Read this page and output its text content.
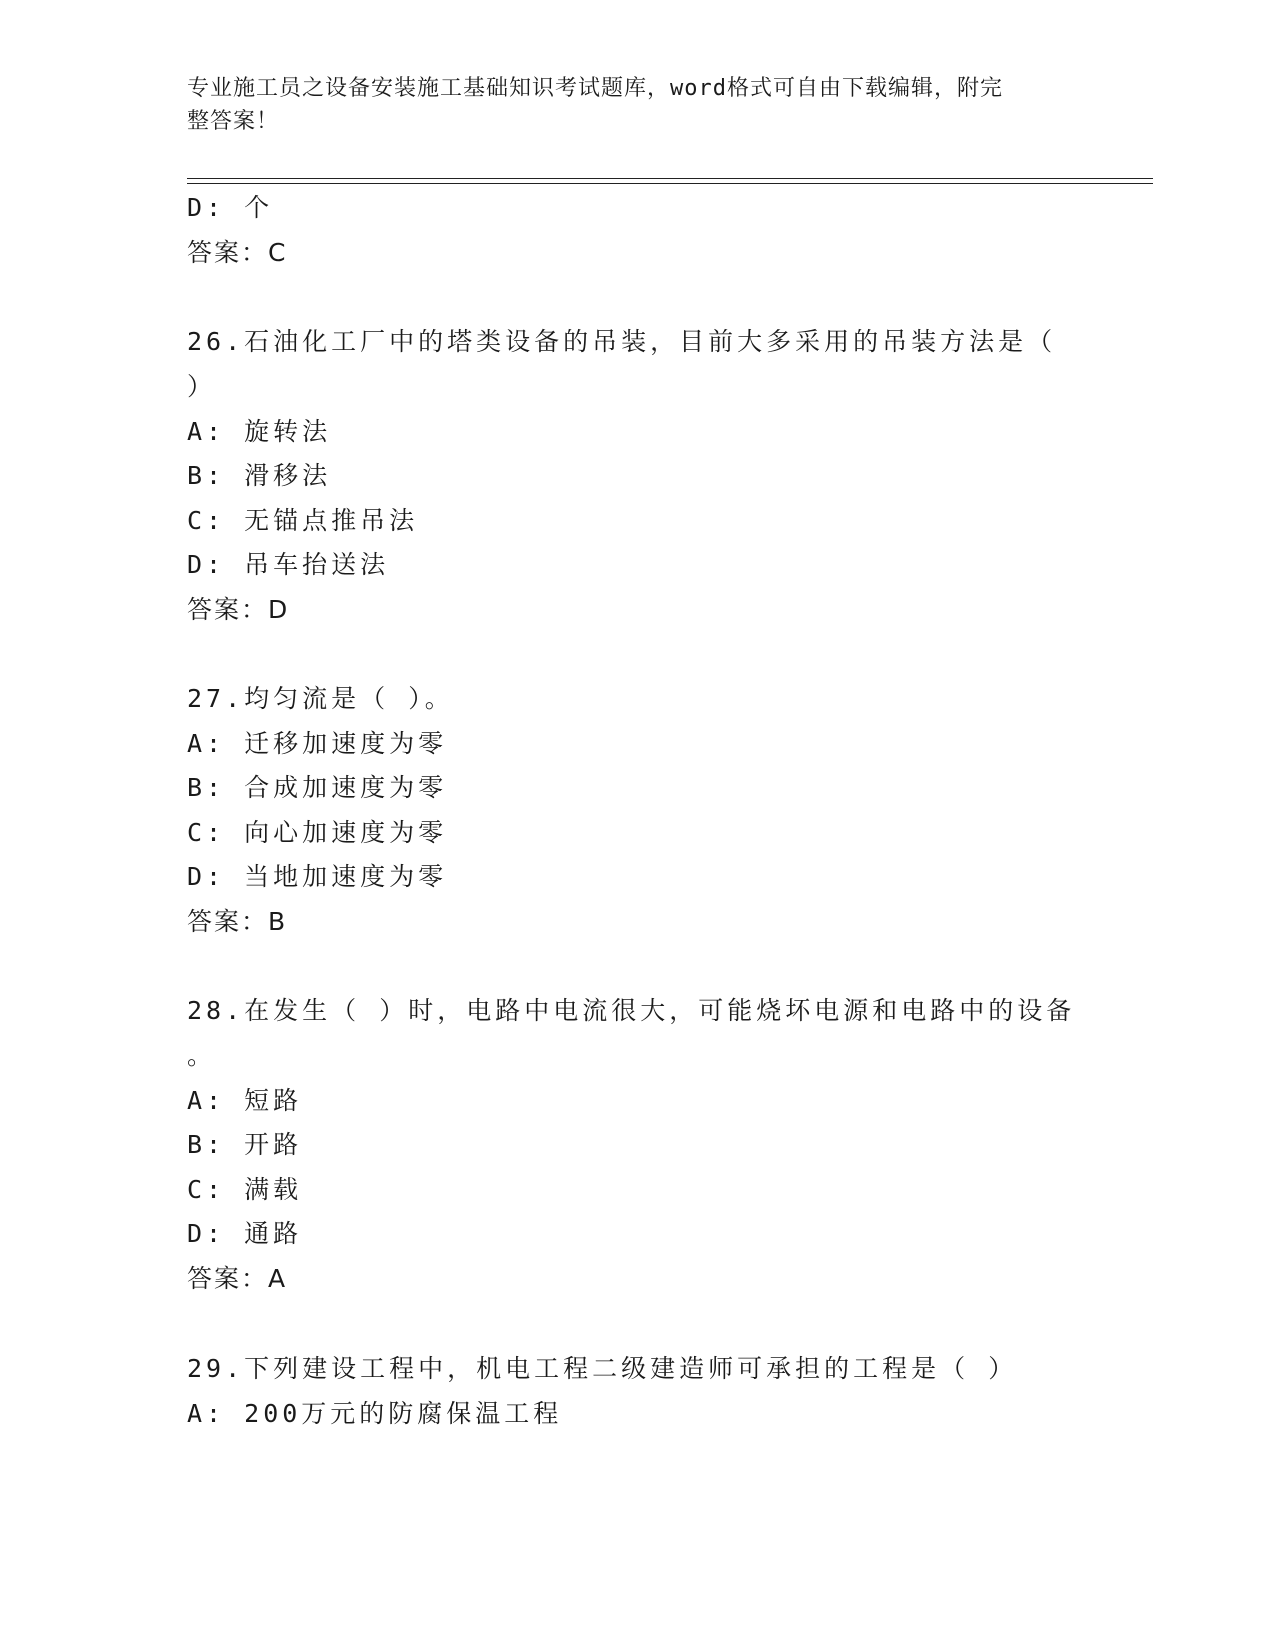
专业施工员之设备安装施工基础知识考试题库，word格式可自由下载编辑，附完
整答案！
D: 个
答案：C
26.石油化工厂中的塔类设备的吊装，目前大多采用的吊装方法是（
）
A: 旋转法
B: 滑移法
C: 无锚点推吊法
D: 吊车抬送法
答案：D
27.均匀流是（ ）。
A: 迁移加速度为零
B: 合成加速度为零
C: 向心加速度为零
D: 当地加速度为零
答案：B
28.在发生（ ）时，电路中电流很大，可能烧坏电源和电路中的设备
。
A: 短路
B: 开路
C: 满载
D: 通路
答案：A
29.下列建设工程中，机电工程二级建造师可承担的工程是（ ）
A: 200万元的防腐保温工程
